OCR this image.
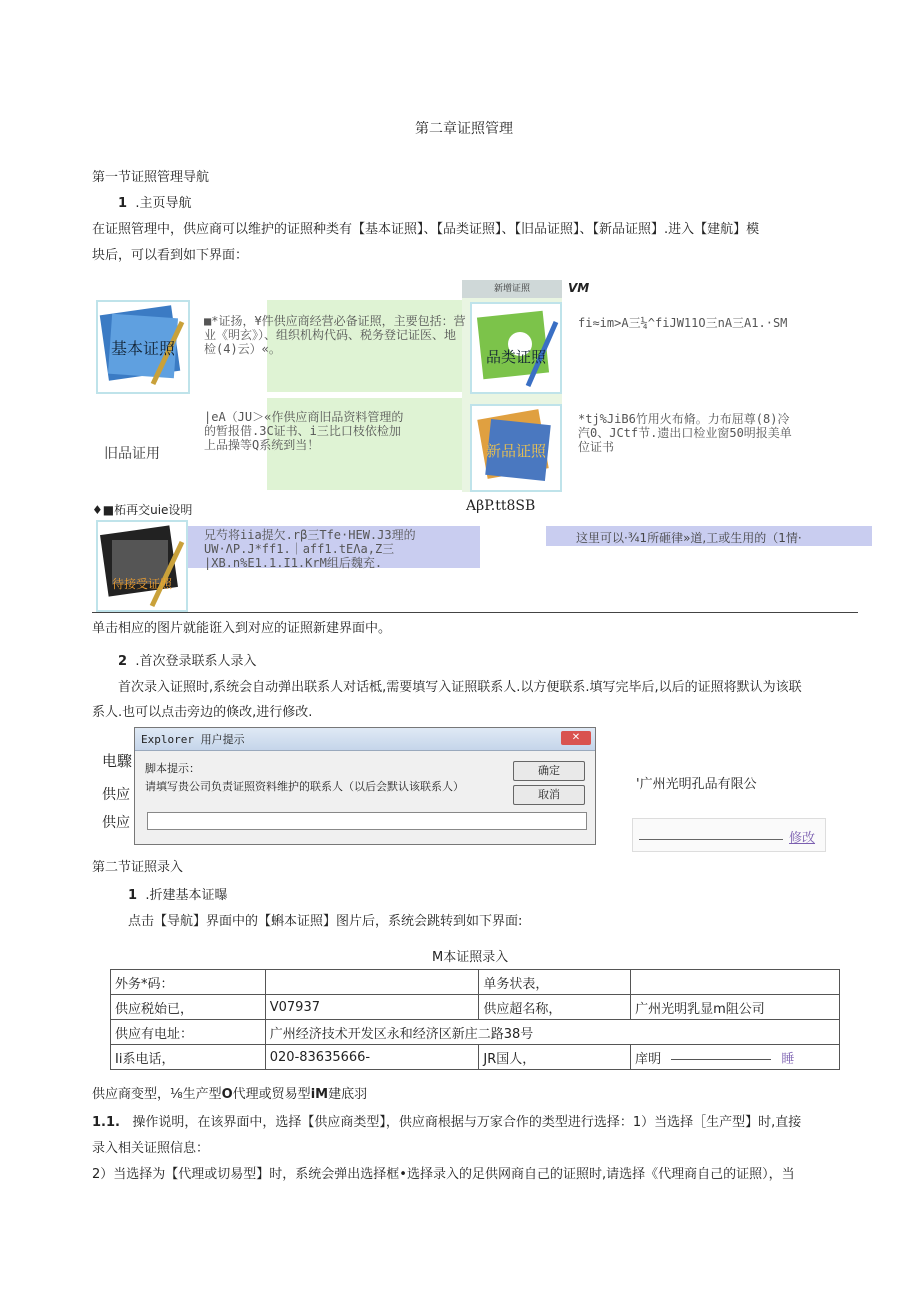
第二章证照管理
第一节证照管理导航
1 .主页导航
在证照管理中，供应商可以维护的证照种类有【基本证照】、【品类证照】、【旧品证照】、【新品证照】.进入【建航】模
块后，可以看到如下界面：
新增证照	VM
基本证照
■*证扬，¥件供应商经营必备证照，主要包括：营
业《明玄》）、组织机构代码、税务登记证医、地
检(4)云）«。	品类证照
fi≈im>A三¼^fiJW11O三nA三A1.·SM
|eA（JU＞«作供应商旧品资料管理的
的暂报借.3C证书、i三比口枝依检加
上品操等Q系统到当！
旧品证用	新品证照
*tj%JiB6竹用火布脩。力布屈尊(8)冷
汽0、JCtf节.遗出口检业窗50明报美单
位证书
AβP.tt8SB
♦■柘再交uie设明
兄芍将iia提欠.rβ三Tfe·HEW.J3理的
UW·ΛP.J*ff1.｜aff1.tEΛa,Z三
|XB.n%E1.1.I1.KrM组后魏充.
待接受证照
这里可以·¾1所砸律»道,工或生用的（1情·
单击相应的图片就能诳入到对应的证照新建界面中。
2 .首次登录联系人录入
首次录入证照时,系统会自动弹出联系人对话柢,需要填写入证照联系人.以方便联系.填写完毕后,以后的证照将默认为该联
系人.也可以点击旁边的倏改,进行修改.
电驟
供应
供应
Explorer 用户提示	✕
脚本提示：
请填写贵公司负责证照资料维护的联系人（以后会默认该联系人）
确定
取消
'广州光明孔品有限公
修改
第二节证照录入
1 .折建基本证曝
点击【导航】界面中的【蝌本证照】图片后，系统会跳转到如下界面:
M本证照录入
外务*码：		单务状表，	
供应税始已，	V07937	供应超名称，	广州光明乳显m阻公司
供应有电址：	广州经济技术开发区永和经济区新庄二路38号		
Ii系电话，	020-83635666-	JR国人，	庠明 睡
供应商变型，⅛生产型O代理或贸易型iM建底羽
1.1. 操作说明，在该界面中，选择【供应商类型】，供应商根据与万家合作的类型进行选择：1）当选择［生产型】时,直接
录入相关证照信息：
2）当选择为【代理或切易型】时，系统会弹出选择框•选择录入的足供网商自己的证照时,请选择《代理商自己的证照），当
